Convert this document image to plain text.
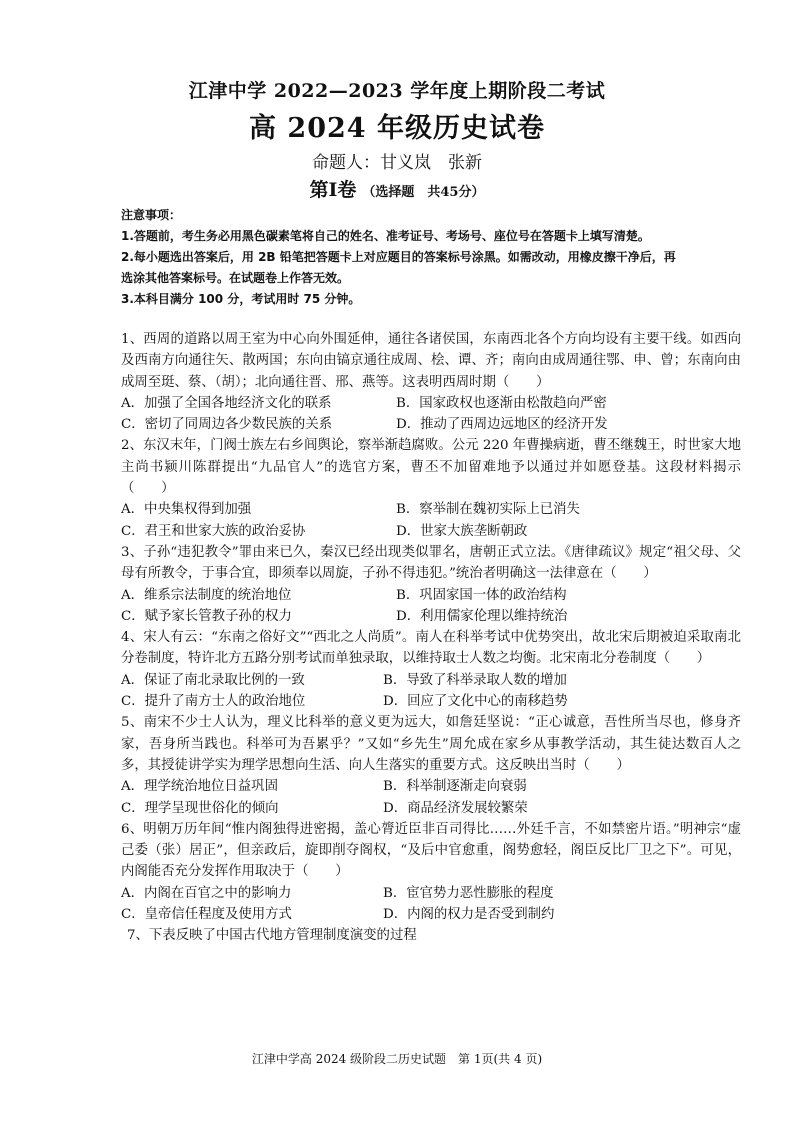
江津中学 2022—2023 学年度上期阶段二考试
高 2024 年级历史试卷
命题人：甘义岚　张新
第Ⅰ卷 （选择题　共45分）
注意事项：
1.答题前，考生务必用黑色碳素笔将自己的姓名、准考证号、考场号、座位号在答题卡上填写清楚。
2.每小题选出答案后，用 2B 铅笔把答题卡上对应题目的答案标号涂黑。如需改动，用橡皮擦干净后，再
选涂其他答案标号。在试题卷上作答无效。
3.本科目满分 100 分，考试用时 75 分钟。

1、西周的道路以周王室为中心向外围延伸，通往各诸侯国，东南西北各个方向均设有主要干线。如西向及西南方向通往矢、散两国；东向由镐京通往成周、桧、谭、齐；南向由成周通往鄂、申、曾；东南向由成周至珽、蔡、（胡）；北向通往晋、邢、燕等。这表明西周时期（　　）

A．加强了全国各地经济文化的联系	B．国家政权也逐渐由松散趋向严密
C．密切了同周边各少数民族的关系	D．推动了西周边远地区的经济开发

2、东汉末年，门阀士族左右乡闾舆论，察举渐趋腐败。公元 220 年曹操病逝，曹丕继魏王，时世家大地主尚书颍川陈群提出“九品官人”的选官方案，曹丕不加留难地予以通过并如愿登基。这段材料揭示（　　）

A．中央集权得到加强	B．察举制在魏初实际上已消失
C．君王和世家大族的政治妥协	D．世家大族垄断朝政

3、子孙“违犯教令”罪由来已久，秦汉已经出现类似罪名，唐朝正式立法。《唐律疏议》规定“祖父母、父母有所教令，于事合宜，即须奉以周旋，子孙不得违犯。”统治者明确这一法律意在（　　）

A．维系宗法制度的统治地位	B．巩固家国一体的政治结构
C．赋予家长管教子孙的权力	D．利用儒家伦理以维持统治

4、宋人有云：“东南之俗好文”“西北之人尚质”。南人在科举考试中优势突出，故北宋后期被迫采取南北分卷制度，特许北方五路分别考试而单独录取，以维持取士人数之均衡。北宋南北分卷制度（　　）

A．保证了南北录取比例的一致	B．导致了科举录取人数的增加
C．提升了南方士人的政治地位	D．回应了文化中心的南移趋势

5、南宋不少士人认为，理义比科举的意义更为远大，如詹廷坚说：“正心诚意，吾性所当尽也，修身齐家，吾身所当践也。科举可为吾累乎？”又如“乡先生”周允成在家乡从事教学活动，其生徒达数百人之多，其授徒讲学实为理学思想向生活、向人生落实的重要方式。这反映出当时（　　）

A．理学统治地位日益巩固	B．科举制逐渐走向衰弱
C．理学呈现世俗化的倾向	D．商品经济发展较繁荣

6、明朝万历年间“惟内阁独得进密揭，盖心膂近臣非百司得比……外廷千言，不如禁密片语。”明神宗“虚己委（张）居正”，但亲政后，旋即削夺阁权，“及后中官愈重，阁势愈轻，阁臣反比厂卫之下”。可见，内阁能否充分发挥作用取决于（　　）

A．内阁在百官之中的影响力	B．宦官势力恶性膨胀的程度
C．皇帝信任程度及使用方式	D．内阁的权力是否受到制约

7、下表反映了中国古代地方管理制度演变的过程

江津中学高 2024 级阶段二历史试题　第 1页(共 4 页)
